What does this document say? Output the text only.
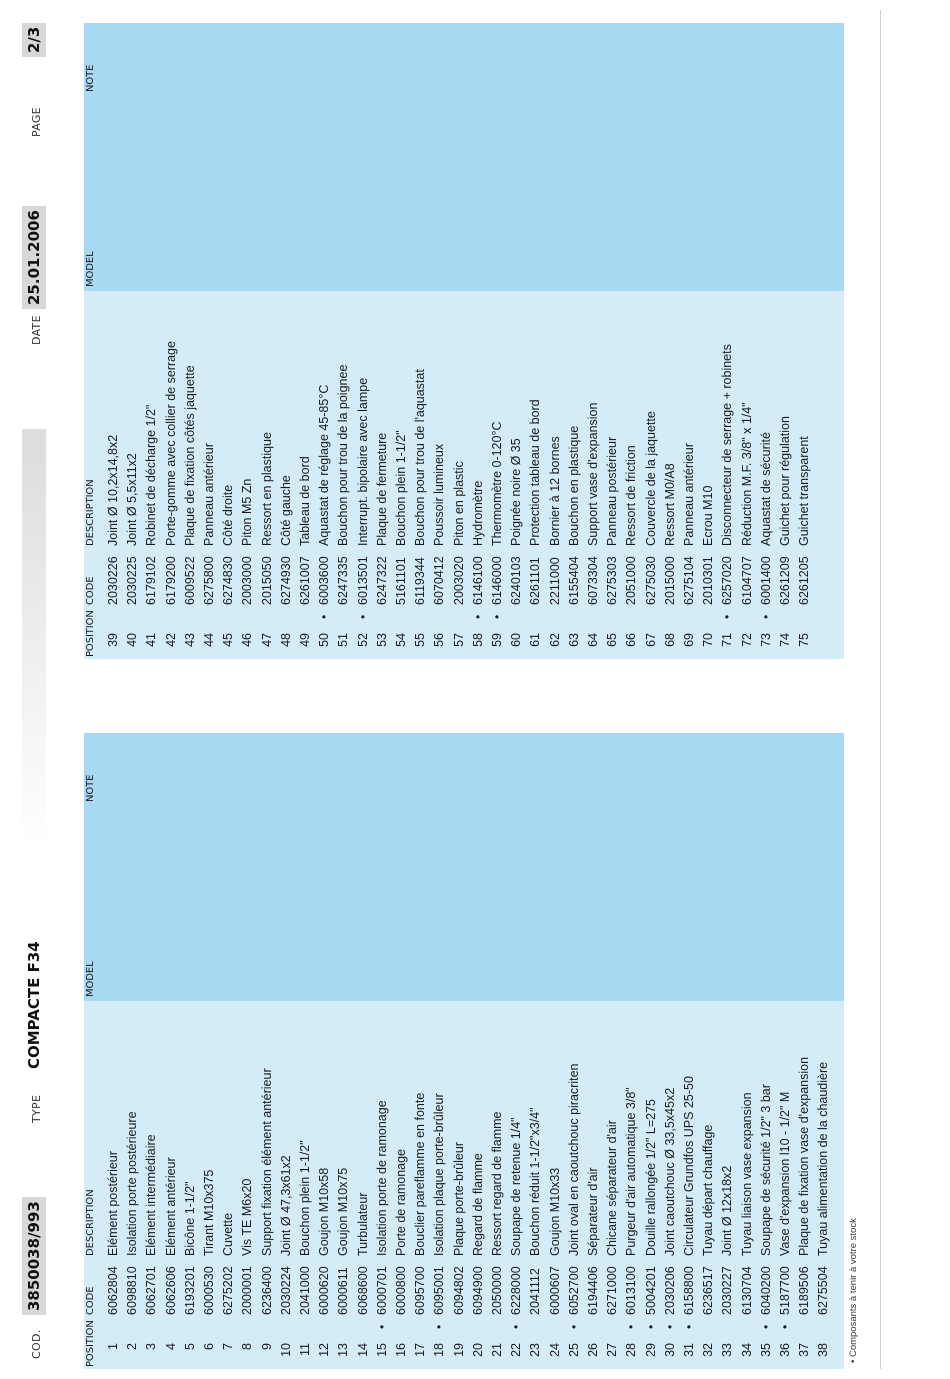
COD.
3850038/993
TYPE
COMPACTE F34
DATE
25.01.2006
PAGE
2/3
POSITION
CODE
DESCRIPTION
MODEL
NOTE
1
6062804
Elément postérieur
2
6098810
Isolation porte postérieure
3
6062701
Elément intermédiaire
4
6062606
Elément antérieur
5
6193201
Bicône 1-1/2"
6
6000530
Tirant M10x375
7
6275202
Cuvette
8
2000001
Vis TE M6x20
9
6236400
Support fixation élément antérieur
10
2030224
Joint Ø 47,3x61x2
11
2041000
Bouchon plein 1-1/2"
12
6000620
Goujon M10x58
13
6000611
Goujon M10x75
14
6068600
Turbulateur
15
•
6000701
Isolation porte de ramonage
16
6000800
Porte de ramonage
17
6095700
Bouclier pareflamme en fonte
18
•
6095001
Isolation plaque porte-brûleur
19
6094802
Plaque porte-brûleur
20
6094900
Regard de flamme
21
2050000
Ressort regard de flamme
22
•
6228000
Soupape de retenue 1/4"
23
2041112
Bouchon réduit 1-1/2"x3/4"
24
6000607
Goujon M10x33
25
•
6052700
Joint oval en caoutchouc piracriten
26
6194406
Séparateur d'air
27
6271000
Chicane séparateur d'air
28
•
6013100
Purgeur d'air automatique 3/8"
29
•
5004201
Douille rallongée 1/2" L=275
30
•
2030206
Joint caoutchouc Ø 33,5x45x2
31
•
6158800
Circulateur Grundfos UPS 25-50
32
6236517
Tuyau départ chauffage
33
2030227
Joint Ø 12x18x2
34
6130704
Tuyau liaison vase expansion
35
•
6040200
Soupape de sécurité 1/2" 3 bar
36
•
5187700
Vase d'expansion l10 - 1/2" M
37
6189506
Plaque de fixation vase d'expansion
38
6275504
Tuyau alimentation de la chaudière
POSITION
CODE
DESCRIPTION
MODEL
NOTE
39
2030226
Joint Ø 10,2x14,8x2
40
2030225
Joint Ø 5,5x11x2
41
6179102
Robinet de décharge 1/2"
42
6179200
Porte-gomme avec collier de serrage
43
6009522
Plaque de fixation côtés jaquette
44
6275800
Panneau antérieur
45
6274830
Côté droite
46
2003000
Piton M5 Zn
47
2015050
Ressort en plastique
48
6274930
Côté gauche
49
6261007
Tableau de bord
50
•
6003600
Aquastat de réglage 45-85°C
51
6247335
Bouchon pour trou de la poignee
52
•
6013501
Interrupt. bipolaire avec lampe
53
6247322
Plaque de fermeture
54
5161101
Bouchon plein 1-1/2"
55
6119344
Bouchon pour trou de l'aquastat
56
6070412
Poussoir lumineux
57
2003020
Piton en plastic
58
•
6146100
Hydromètre
59
•
6146000
Thermomètre 0-120°C
60
6240103
Poignée noire Ø 35
61
6261101
Protection tableau de bord
62
2211000
Bornier à 12 bornes
63
6155404
Bouchon en plastique
64
6073304
Support vase d'expansion
65
6275303
Panneau postérieur
66
2051000
Ressort de friction
67
6275030
Couvercle de la jaquette
68
2015000
Ressort M0/A8
69
6275104
Panneau antérieur
70
2010301
Ecrou M10
71
•
6257020
Disconnecteur de serrage + robinets
72
6104707
Réduction M.F. 3/8" x 1/4"
73
•
6001400
Aquastat de sécurité
74
6261209
Guichet pour régulation
75
6261205
Guichet transparent
• Composants à tenir à votre stock
